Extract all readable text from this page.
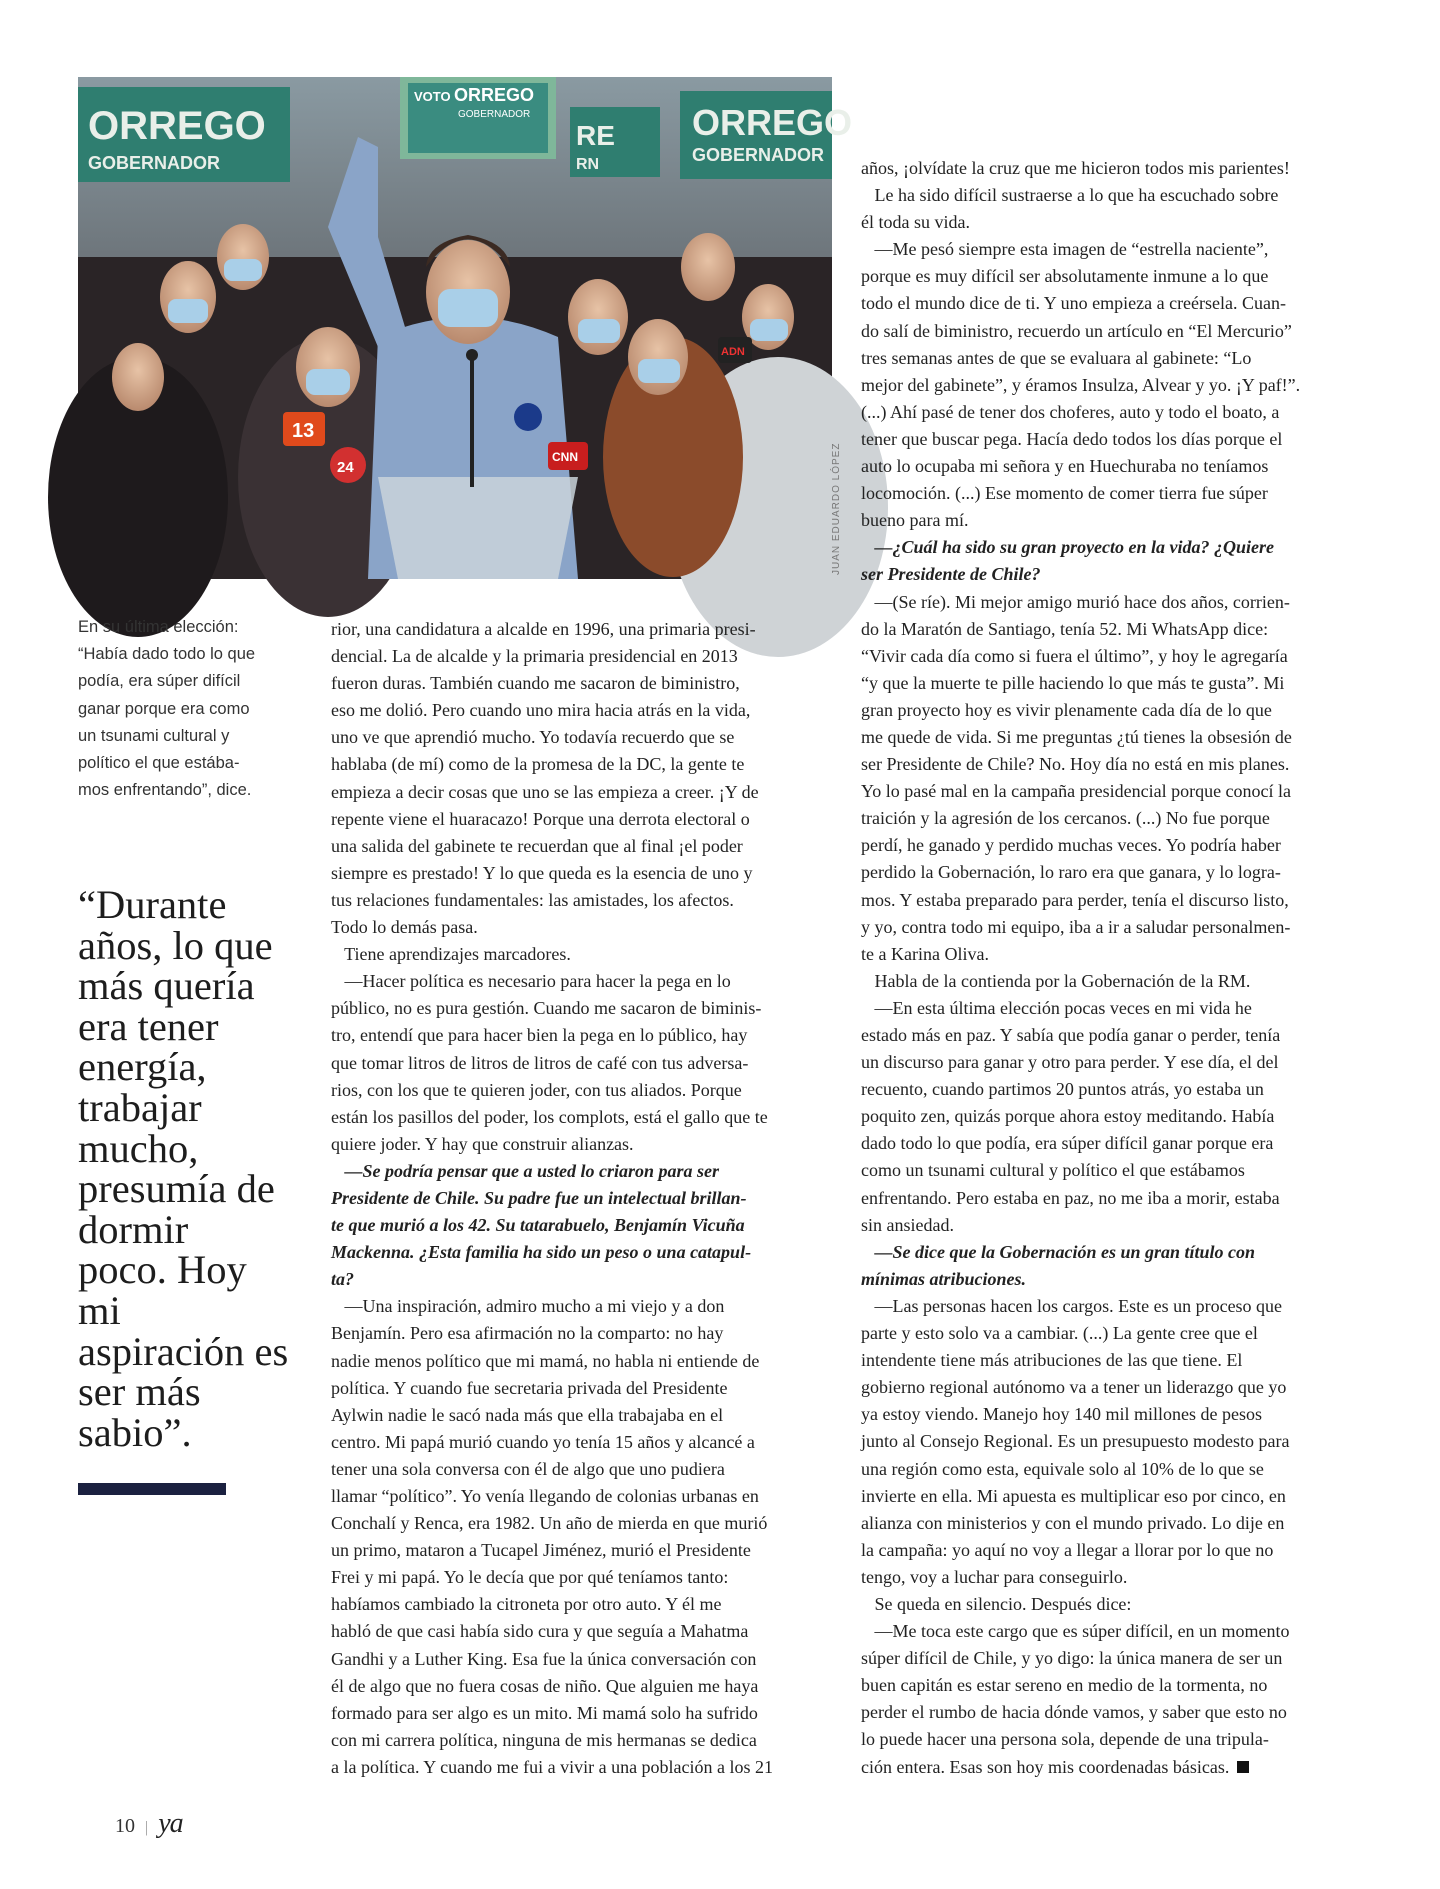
ORREGO
GOBERNADOR
VOTO ORREGO
GOBERNADOR
RE
RN
ORREGO
GOBERNADOR
13
24
CNN
ADN
JUAN EDUARDO LÓPEZ
En su última elección:
“Había dado todo lo que
podía, era súper difícil
ganar porque era como
un tsunami cultural y
político el que estába-
mos enfrentando”, dice.
“Durante
años, lo que
más quería
era tener
energía,
trabajar
mucho,
presumía de
dormir
poco. Hoy
mi
aspiración es
ser más
sabio”.
rior, una candidatura a alcalde en 1996, una primaria presi-
dencial. La de alcalde y la primaria presidencial en 2013
fueron duras. También cuando me sacaron de biministro,
eso me dolió. Pero cuando uno mira hacia atrás en la vida,
uno ve que aprendió mucho. Yo todavía recuerdo que se
hablaba (de mí) como de la promesa de la DC, la gente te
empieza a decir cosas que uno se las empieza a creer. ¡Y de
repente viene el huaracazo! Porque una derrota electoral o
una salida del gabinete te recuerdan que al final ¡el poder
siempre es prestado! Y lo que queda es la esencia de uno y
tus relaciones fundamentales: las amistades, los afectos.
Todo lo demás pasa.
Tiene aprendizajes marcadores.
—Hacer política es necesario para hacer la pega en lo
público, no es pura gestión. Cuando me sacaron de biminis-
tro, entendí que para hacer bien la pega en lo público, hay
que tomar litros de litros de litros de café con tus adversa-
rios, con los que te quieren joder, con tus aliados. Porque
están los pasillos del poder, los complots, está el gallo que te
quiere joder. Y hay que construir alianzas.
—Se podría pensar que a usted lo criaron para ser
Presidente de Chile. Su padre fue un intelectual brillan-
te que murió a los 42. Su tatarabuelo, Benjamín Vicuña
Mackenna. ¿Esta familia ha sido un peso o una catapul-
ta?
—Una inspiración, admiro mucho a mi viejo y a don
Benjamín. Pero esa afirmación no la comparto: no hay
nadie menos político que mi mamá, no habla ni entiende de
política. Y cuando fue secretaria privada del Presidente
Aylwin nadie le sacó nada más que ella trabajaba en el
centro. Mi papá murió cuando yo tenía 15 años y alcancé a
tener una sola conversa con él de algo que uno pudiera
llamar “político”. Yo venía llegando de colonias urbanas en
Conchalí y Renca, era 1982. Un año de mierda en que murió
un primo, mataron a Tucapel Jiménez, murió el Presidente
Frei y mi papá. Yo le decía que por qué teníamos tanto:
habíamos cambiado la citroneta por otro auto. Y él me
habló de que casi había sido cura y que seguía a Mahatma
Gandhi y a Luther King. Esa fue la única conversación con
él de algo que no fuera cosas de niño. Que alguien me haya
formado para ser algo es un mito. Mi mamá solo ha sufrido
con mi carrera política, ninguna de mis hermanas se dedica
a la política. Y cuando me fui a vivir a una población a los 21
años, ¡olvídate la cruz que me hicieron todos mis parientes!
Le ha sido difícil sustraerse a lo que ha escuchado sobre
él toda su vida.
—Me pesó siempre esta imagen de “estrella naciente”,
porque es muy difícil ser absolutamente inmune a lo que
todo el mundo dice de ti. Y uno empieza a creérsela. Cuan-
do salí de biministro, recuerdo un artículo en “El Mercurio”
tres semanas antes de que se evaluara al gabinete: “Lo
mejor del gabinete”, y éramos Insulza, Alvear y yo. ¡Y paf!”.
(...) Ahí pasé de tener dos choferes, auto y todo el boato, a
tener que buscar pega. Hacía dedo todos los días porque el
auto lo ocupaba mi señora y en Huechuraba no teníamos
locomoción. (...) Ese momento de comer tierra fue súper
bueno para mí.
—¿Cuál ha sido su gran proyecto en la vida? ¿Quiere
ser Presidente de Chile?
—(Se ríe). Mi mejor amigo murió hace dos años, corrien-
do la Maratón de Santiago, tenía 52. Mi WhatsApp dice:
“Vivir cada día como si fuera el último”, y hoy le agregaría
“y que la muerte te pille haciendo lo que más te gusta”. Mi
gran proyecto hoy es vivir plenamente cada día de lo que
me quede de vida. Si me preguntas ¿tú tienes la obsesión de
ser Presidente de Chile? No. Hoy día no está en mis planes.
Yo lo pasé mal en la campaña presidencial porque conocí la
traición y la agresión de los cercanos. (...) No fue porque
perdí, he ganado y perdido muchas veces. Yo podría haber
perdido la Gobernación, lo raro era que ganara, y lo logra-
mos. Y estaba preparado para perder, tenía el discurso listo,
y yo, contra todo mi equipo, iba a ir a saludar personalmen-
te a Karina Oliva.
Habla de la contienda por la Gobernación de la RM.
—En esta última elección pocas veces en mi vida he
estado más en paz. Y sabía que podía ganar o perder, tenía
un discurso para ganar y otro para perder. Y ese día, el del
recuento, cuando partimos 20 puntos atrás, yo estaba un
poquito zen, quizás porque ahora estoy meditando. Había
dado todo lo que podía, era súper difícil ganar porque era
como un tsunami cultural y político el que estábamos
enfrentando. Pero estaba en paz, no me iba a morir, estaba
sin ansiedad.
—Se dice que la Gobernación es un gran título con
mínimas atribuciones.
—Las personas hacen los cargos. Este es un proceso que
parte y esto solo va a cambiar. (...) La gente cree que el
intendente tiene más atribuciones de las que tiene. El
gobierno regional autónomo va a tener un liderazgo que yo
ya estoy viendo. Manejo hoy 140 mil millones de pesos
junto al Consejo Regional. Es un presupuesto modesto para
una región como esta, equivale solo al 10% de lo que se
invierte en ella. Mi apuesta es multiplicar eso por cinco, en
alianza con ministerios y con el mundo privado. Lo dije en
la campaña: yo aquí no voy a llegar a llorar por lo que no
tengo, voy a luchar para conseguirlo.
Se queda en silencio. Después dice:
—Me toca este cargo que es súper difícil, en un momento
súper difícil de Chile, y yo digo: la única manera de ser un
buen capitán es estar sereno en medio de la tormenta, no
perder el rumbo de hacia dónde vamos, y saber que esto no
lo puede hacer una persona sola, depende de una tripula-
ción entera. Esas son hoy mis coordenadas básicas.
10 | ya
